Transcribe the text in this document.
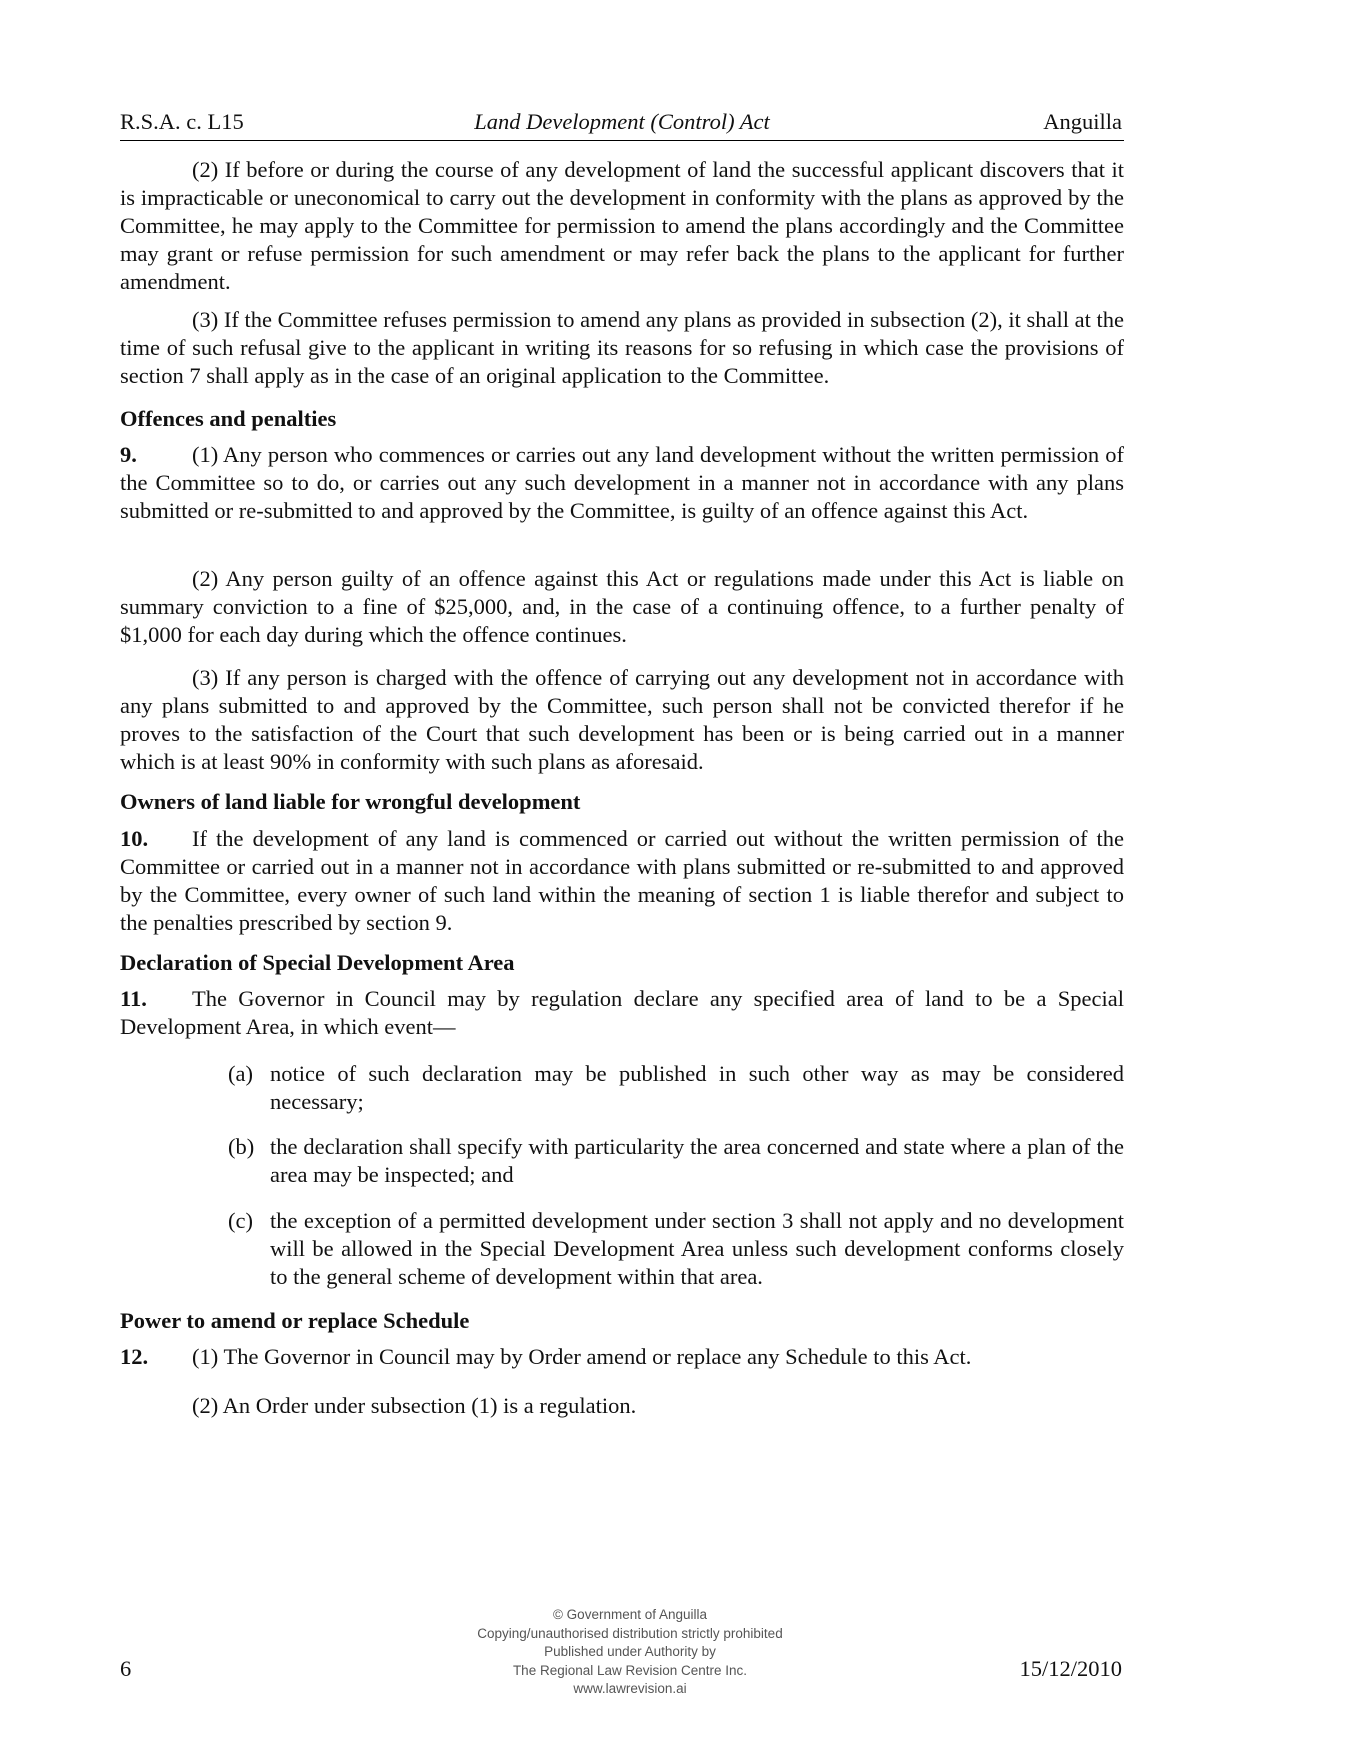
R.S.A. c. L15	Land Development (Control) Act	Anguilla

(2) If before or during the course of any development of land the successful applicant discovers that it is impracticable or uneconomical to carry out the development in conformity with the plans as approved by the Committee, he may apply to the Committee for permission to amend the plans accordingly and the Committee may grant or refuse permission for such amendment or may refer back the plans to the applicant for further amendment.

(3) If the Committee refuses permission to amend any plans as provided in subsection (2), it shall at the time of such refusal give to the applicant in writing its reasons for so refusing in which case the provisions of section 7 shall apply as in the case of an original application to the Committee.

Offences and penalties

9. (1) Any person who commences or carries out any land development without the written permission of the Committee so to do, or carries out any such development in a manner not in accordance with any plans submitted or re-submitted to and approved by the Committee, is guilty of an offence against this Act.

(2) Any person guilty of an offence against this Act or regulations made under this Act is liable on summary conviction to a fine of $25,000, and, in the case of a continuing offence, to a further penalty of $1,000 for each day during which the offence continues.

(3) If any person is charged with the offence of carrying out any development not in accordance with any plans submitted to and approved by the Committee, such person shall not be convicted therefor if he proves to the satisfaction of the Court that such development has been or is being carried out in a manner which is at least 90% in conformity with such plans as aforesaid.

Owners of land liable for wrongful development

10. If the development of any land is commenced or carried out without the written permission of the Committee or carried out in a manner not in accordance with plans submitted or re-submitted to and approved by the Committee, every owner of such land within the meaning of section 1 is liable therefor and subject to the penalties prescribed by section 9.

Declaration of Special Development Area

11. The Governor in Council may by regulation declare any specified area of land to be a Special Development Area, in which event—

(a) notice of such declaration may be published in such other way as may be considered necessary;

(b) the declaration shall specify with particularity the area concerned and state where a plan of the area may be inspected; and

(c) the exception of a permitted development under section 3 shall not apply and no development will be allowed in the Special Development Area unless such development conforms closely to the general scheme of development within that area.

Power to amend or replace Schedule

12. (1) The Governor in Council may by Order amend or replace any Schedule to this Act.

(2) An Order under subsection (1) is a regulation.

© Government of Anguilla
Copying/unauthorised distribution strictly prohibited
Published under Authority by
The Regional Law Revision Centre Inc.
www.lawrevision.ai
6	15/12/2010
